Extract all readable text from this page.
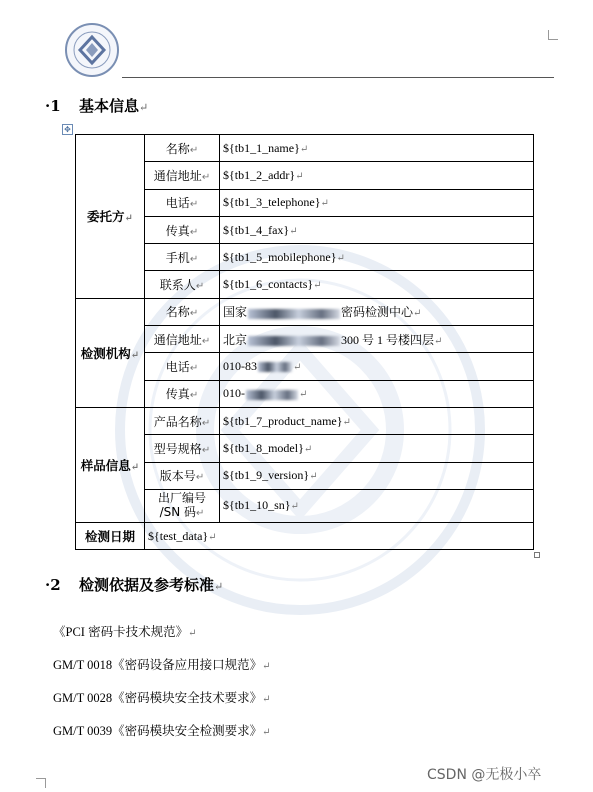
·1 基本信息↵
✥
委托方↵	名称↵	${tb1_1_name}↵
	通信地址↵	${tb1_2_addr}↵
	电话↵	${tb1_3_telephone}↵
	传真↵	${tb1_4_fax}↵
	手机↵	${tb1_5_mobilephone}↵
	联系人↵	${tb1_6_contacts}↵
检测机构↵	名称↵	国家 密码检测中心↵
	通信地址↵	北京 300 号 1 号楼四层↵
	电话↵	010-83 ↵
	传真↵	010- ↵
样品信息↵	产品名称↵	${tb1_7_product_name}↵
	型号规格↵	${tb1_8_model}↵
	版本号↵	${tb1_9_version}↵
	出厂编号
/SN 码↵	${tb1_10_sn}↵
检测日期	${test_data}↵	
·2 检测依据及参考标准↵
《PCI 密码卡技术规范》↵
GM/T 0018《密码设备应用接口规范》↵
GM/T 0028《密码模块安全技术要求》↵
GM/T 0039《密码模块安全检测要求》↵
CSDN @无极小卒
